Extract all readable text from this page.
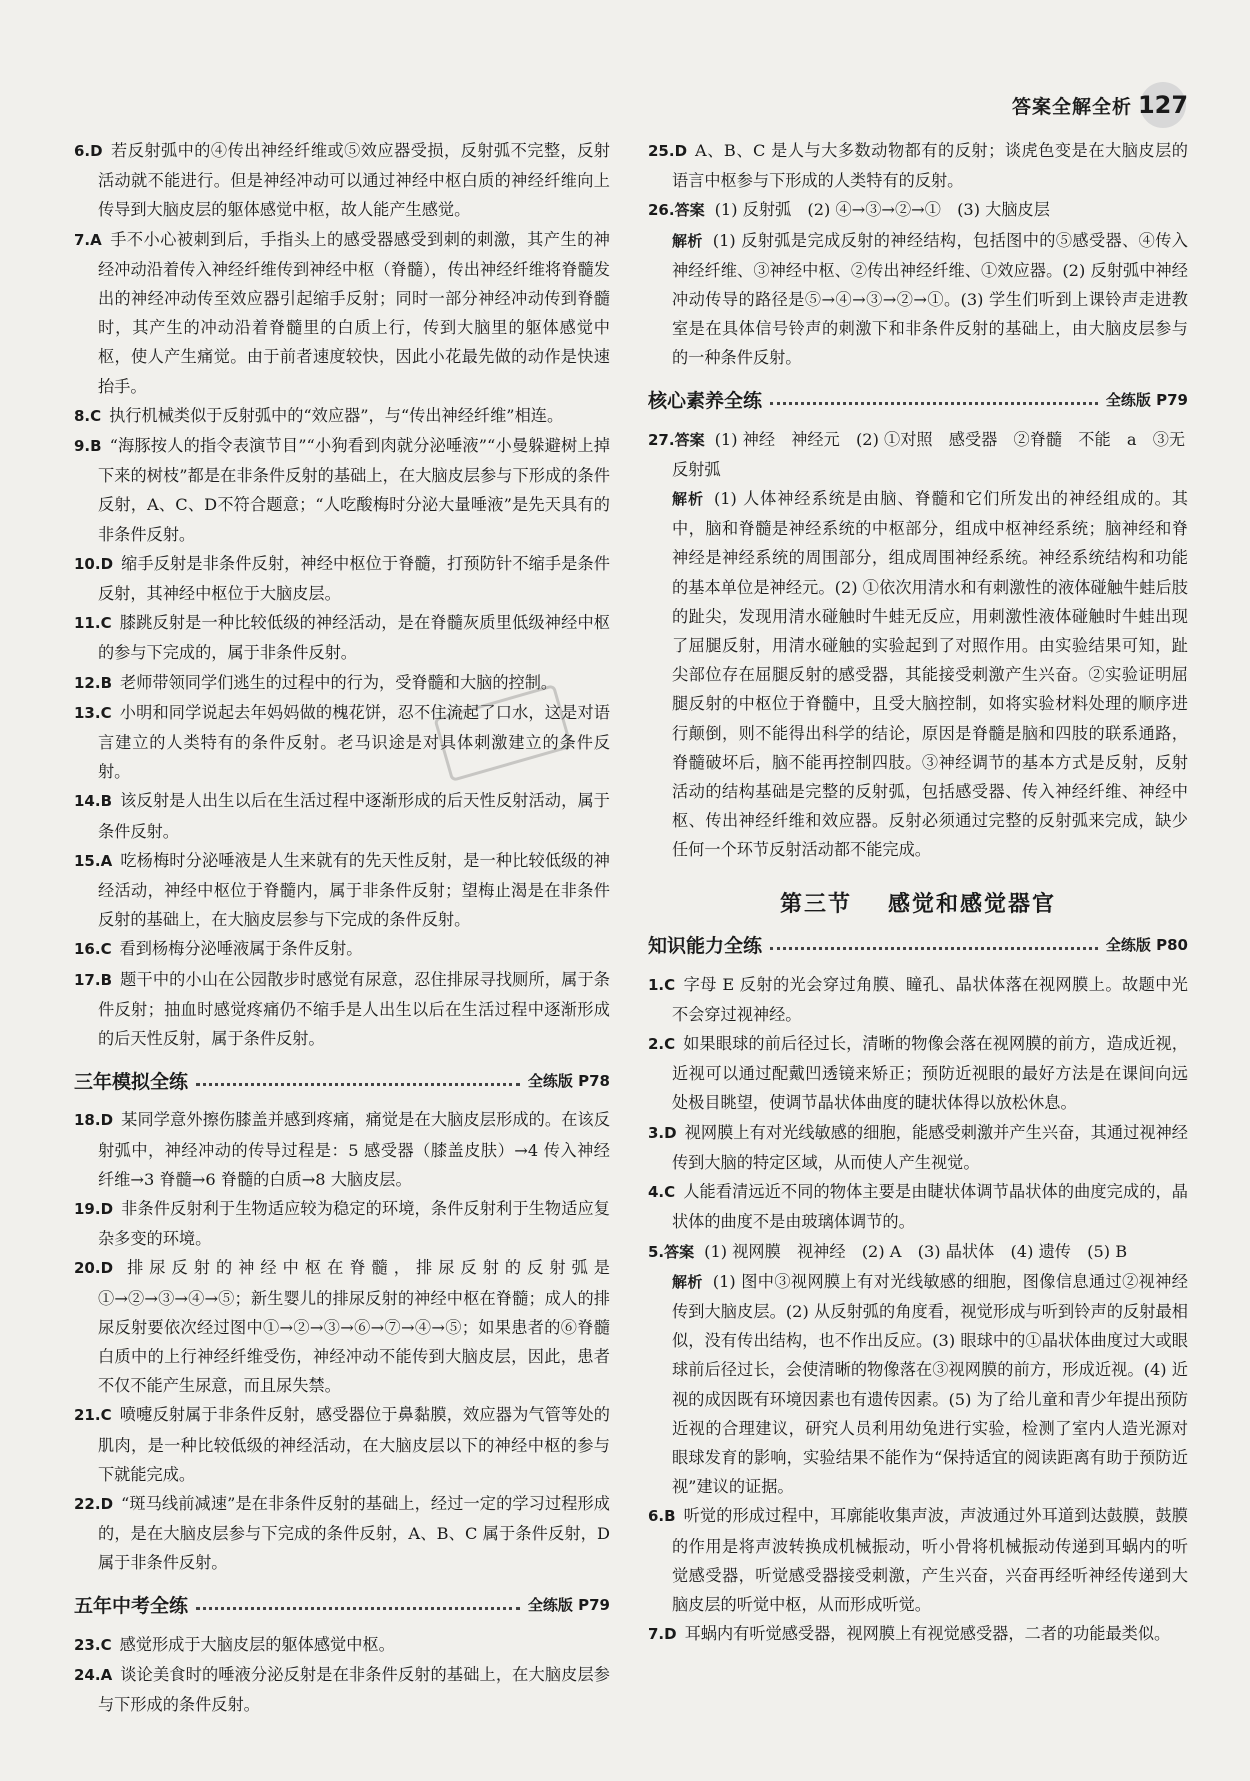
答案全解全析 127

6.D 若反射弧中的④传出神经纤维或⑤效应器受损，反射弧不完整，反射活动就不能进行。但是神经冲动可以通过神经中枢白质的神经纤维向上传导到大脑皮层的躯体感觉中枢，故人能产生感觉。

7.A 手不小心被刺到后，手指头上的感受器感受到刺的刺激，其产生的神经冲动沿着传入神经纤维传到神经中枢（脊髓），传出神经纤维将脊髓发出的神经冲动传至效应器引起缩手反射；同时一部分神经冲动传到脊髓时，其产生的冲动沿着脊髓里的白质上行，传到大脑里的躯体感觉中枢，使人产生痛觉。由于前者速度较快，因此小花最先做的动作是快速抬手。

8.C 执行机械类似于反射弧中的“效应器”，与“传出神经纤维”相连。

9.B “海豚按人的指令表演节目”“小狗看到肉就分泌唾液”“小曼躲避树上掉下来的树枝”都是在非条件反射的基础上，在大脑皮层参与下形成的条件反射，A、C、D不符合题意；“人吃酸梅时分泌大量唾液”是先天具有的非条件反射。

10.D 缩手反射是非条件反射，神经中枢位于脊髓，打预防针不缩手是条件反射，其神经中枢位于大脑皮层。

11.C 膝跳反射是一种比较低级的神经活动，是在脊髓灰质里低级神经中枢的参与下完成的，属于非条件反射。

12.B 老师带领同学们逃生的过程中的行为，受脊髓和大脑的控制。

13.C 小明和同学说起去年妈妈做的槐花饼，忍不住流起了口水，这是对语言建立的人类特有的条件反射。老马识途是对具体刺激建立的条件反射。

14.B 该反射是人出生以后在生活过程中逐渐形成的后天性反射活动，属于条件反射。

15.A 吃杨梅时分泌唾液是人生来就有的先天性反射，是一种比较低级的神经活动，神经中枢位于脊髓内，属于非条件反射；望梅止渴是在非条件反射的基础上，在大脑皮层参与下完成的条件反射。

16.C 看到杨梅分泌唾液属于条件反射。

17.B 题干中的小山在公园散步时感觉有尿意，忍住排尿寻找厕所，属于条件反射；抽血时感觉疼痛仍不缩手是人出生以后在生活过程中逐渐形成的后天性反射，属于条件反射。

三年模拟全练	全练版 P78

18.D 某同学意外擦伤膝盖并感到疼痛，痛觉是在大脑皮层形成的。在该反射弧中，神经冲动的传导过程是：5 感受器（膝盖皮肤）→4 传入神经纤维→3 脊髓→6 脊髓的白质→8 大脑皮层。

19.D 非条件反射利于生物适应较为稳定的环境，条件反射利于生物适应复杂多变的环境。

20.D 排尿反射的神经中枢在脊髓，排尿反射的反射弧是①→②→③→④→⑤；新生婴儿的排尿反射的神经中枢在脊髓；成人的排尿反射要依次经过图中①→②→③→⑥→⑦→④→⑤；如果患者的⑥脊髓白质中的上行神经纤维受伤，神经冲动不能传到大脑皮层，因此，患者不仅不能产生尿意，而且尿失禁。

21.C 喷嚏反射属于非条件反射，感受器位于鼻黏膜，效应器为气管等处的肌肉，是一种比较低级的神经活动，在大脑皮层以下的神经中枢的参与下就能完成。

22.D “斑马线前减速”是在非条件反射的基础上，经过一定的学习过程形成的，是在大脑皮层参与下完成的条件反射，A、B、C 属于条件反射，D 属于非条件反射。

五年中考全练	全练版 P79

23.C 感觉形成于大脑皮层的躯体感觉中枢。

24.A 谈论美食时的唾液分泌反射是在非条件反射的基础上，在大脑皮层参与下形成的条件反射。

25.D A、B、C 是人与大多数动物都有的反射；谈虎色变是在大脑皮层的语言中枢参与下形成的人类特有的反射。

26.答案 (1) 反射弧　(2) ④→③→②→①　(3) 大脑皮层

解析 (1) 反射弧是完成反射的神经结构，包括图中的⑤感受器、④传入神经纤维、③神经中枢、②传出神经纤维、①效应器。(2) 反射弧中神经冲动传导的路径是⑤→④→③→②→①。(3) 学生们听到上课铃声走进教室是在具体信号铃声的刺激下和非条件反射的基础上，由大脑皮层参与的一种条件反射。

核心素养全练	全练版 P79

27.答案 (1) 神经　神经元　(2) ①对照　感受器　②脊髓　不能　a　③无　反射弧

解析 (1) 人体神经系统是由脑、脊髓和它们所发出的神经组成的。其中，脑和脊髓是神经系统的中枢部分，组成中枢神经系统；脑神经和脊神经是神经系统的周围部分，组成周围神经系统。神经系统结构和功能的基本单位是神经元。(2) ①依次用清水和有刺激性的液体碰触牛蛙后肢的趾尖，发现用清水碰触时牛蛙无反应，用刺激性液体碰触时牛蛙出现了屈腿反射，用清水碰触的实验起到了对照作用。由实验结果可知，趾尖部位存在屈腿反射的感受器，其能接受刺激产生兴奋。②实验证明屈腿反射的中枢位于脊髓中，且受大脑控制，如将实验材料处理的顺序进行颠倒，则不能得出科学的结论，原因是脊髓是脑和四肢的联系通路，脊髓破坏后，脑不能再控制四肢。③神经调节的基本方式是反射，反射活动的结构基础是完整的反射弧，包括感受器、传入神经纤维、神经中枢、传出神经纤维和效应器。反射必须通过完整的反射弧来完成，缺少任何一个环节反射活动都不能完成。

第三节 感觉和感觉器官
知识能力全练	全练版 P80

1.C 字母 E 反射的光会穿过角膜、瞳孔、晶状体落在视网膜上。故题中光不会穿过视神经。

2.C 如果眼球的前后径过长，清晰的物像会落在视网膜的前方，造成近视，近视可以通过配戴凹透镜来矫正；预防近视眼的最好方法是在课间向远处极目眺望，使调节晶状体曲度的睫状体得以放松休息。

3.D 视网膜上有对光线敏感的细胞，能感受刺激并产生兴奋，其通过视神经传到大脑的特定区域，从而使人产生视觉。

4.C 人能看清远近不同的物体主要是由睫状体调节晶状体的曲度完成的，晶状体的曲度不是由玻璃体调节的。

5.答案 (1) 视网膜　视神经　(2) A　(3) 晶状体　(4) 遗传　(5) B

解析 (1) 图中③视网膜上有对光线敏感的细胞，图像信息通过②视神经传到大脑皮层。(2) 从反射弧的角度看，视觉形成与听到铃声的反射最相似，没有传出结构，也不作出反应。(3) 眼球中的①晶状体曲度过大或眼球前后径过长，会使清晰的物像落在③视网膜的前方，形成近视。(4) 近视的成因既有环境因素也有遗传因素。(5) 为了给儿童和青少年提出预防近视的合理建议，研究人员利用幼兔进行实验，检测了室内人造光源对眼球发育的影响，实验结果不能作为“保持适宜的阅读距离有助于预防近视”建议的证据。

6.B 听觉的形成过程中，耳廓能收集声波，声波通过外耳道到达鼓膜，鼓膜的作用是将声波转换成机械振动，听小骨将机械振动传递到耳蜗内的听觉感受器，听觉感受器接受刺激，产生兴奋，兴奋再经听神经传递到大脑皮层的听觉中枢，从而形成听觉。

7.D 耳蜗内有听觉感受器，视网膜上有视觉感受器，二者的功能最类似。
